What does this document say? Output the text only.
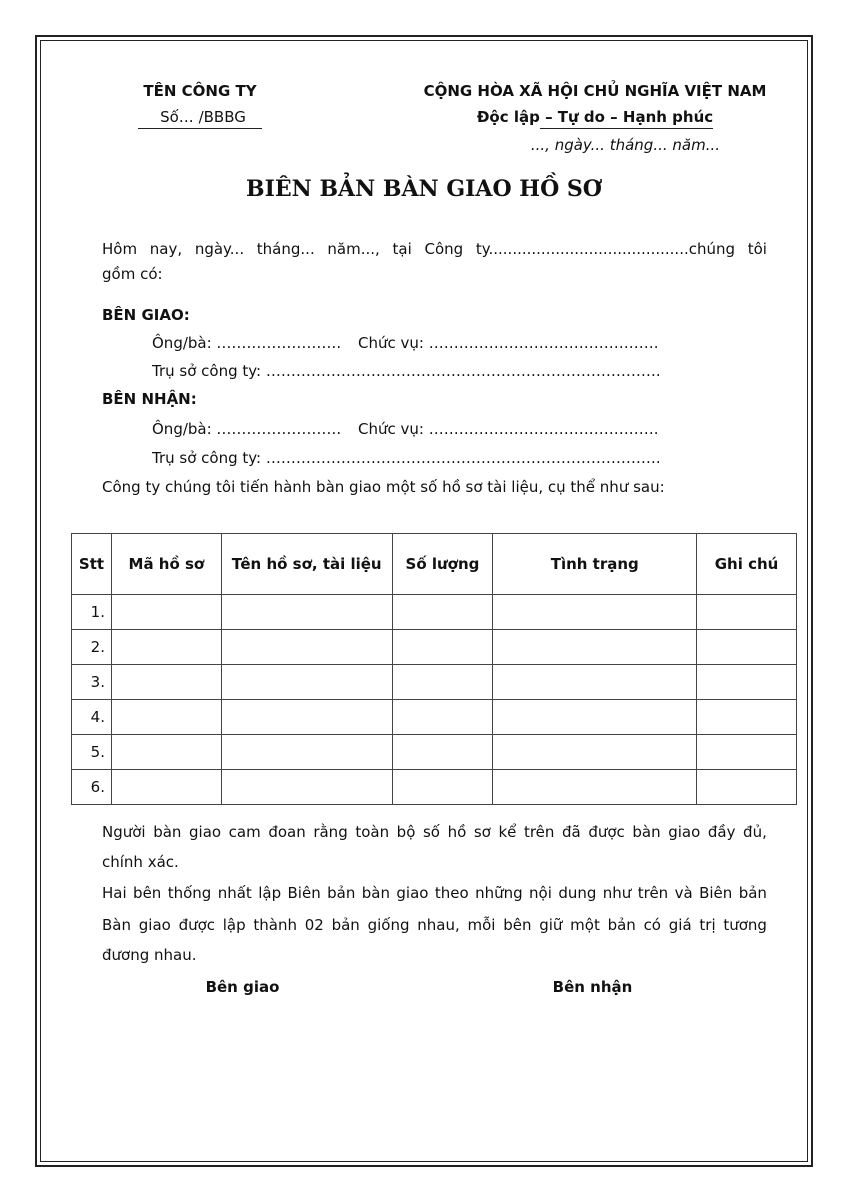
TÊN CÔNG TY
Số… /BBBG
CỘNG HÒA XÃ HỘI CHỦ NGHĨA VIỆT NAM
Độc lập – Tự do – Hạnh phúc
..., ngày... tháng... năm...
BIÊN BẢN BÀN GIAO HỒ SƠ
Hôm nay, ngày... tháng... năm..., tại Công ty..........................................chúng tôi
gồm có:
BÊN GIAO:
Ông/bà: ……………………. Chức vụ: ……………………………………….
Trụ sở công ty: …………………………………………………………………….
BÊN NHẬN:
Ông/bà: ……………………. Chức vụ: ……………………………………….
Trụ sở công ty: …………………………………………………………………….
Công ty chúng tôi tiến hành bàn giao một số hồ sơ tài liệu, cụ thể như sau:
Stt	Mã hồ sơ	Tên hồ sơ, tài liệu	Số lượng	Tình trạng	Ghi chú
1.					
2.					
3.					
4.					
5.					
6.					
Người bàn giao cam đoan rằng toàn bộ số hồ sơ kể trên đã được bàn giao đầy đủ,
chính xác.
Hai bên thống nhất lập Biên bản bàn giao theo những nội dung như trên và Biên bản
Bàn giao được lập thành 02 bản giống nhau, mỗi bên giữ một bản có giá trị tương
đương nhau.
Bên giao	Bên nhận
